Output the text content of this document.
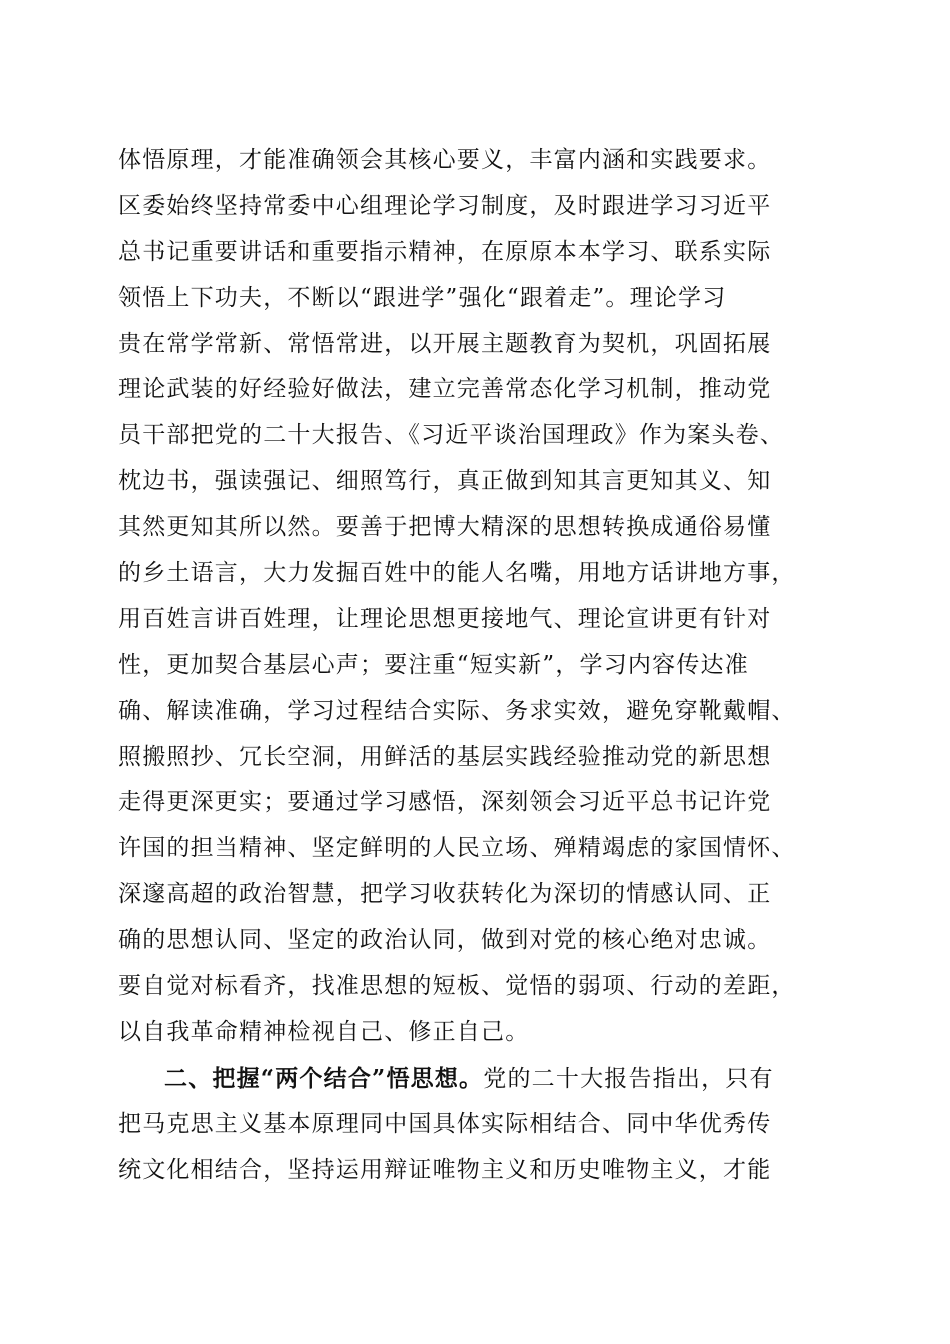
体悟原理，才能准确领会其核心要义，丰富内涵和实践要求。
区委始终坚持常委中心组理论学习制度，及时跟进学习习近平
总书记重要讲话和重要指示精神，在原原本本学习、联系实际
领悟上下功夫，不断以“跟进学”强化“跟着走”。理论学习
贵在常学常新、常悟常进，以开展主题教育为契机，巩固拓展
理论武装的好经验好做法，建立完善常态化学习机制，推动党
员干部把党的二十大报告、《习近平谈治国理政》作为案头卷、
枕边书，强读强记、细照笃行，真正做到知其言更知其义、知
其然更知其所以然。要善于把博大精深的思想转换成通俗易懂
的乡土语言，大力发掘百姓中的能人名嘴，用地方话讲地方事，
用百姓言讲百姓理，让理论思想更接地气、理论宣讲更有针对
性，更加契合基层心声；要注重“短实新”，学习内容传达准
确、解读准确，学习过程结合实际、务求实效，避免穿靴戴帽、
照搬照抄、冗长空洞，用鲜活的基层实践经验推动党的新思想
走得更深更实；要通过学习感悟，深刻领会习近平总书记许党
许国的担当精神、坚定鲜明的人民立场、殚精竭虑的家国情怀、
深邃高超的政治智慧，把学习收获转化为深切的情感认同、正
确的思想认同、坚定的政治认同，做到对党的核心绝对忠诚。
要自觉对标看齐，找准思想的短板、觉悟的弱项、行动的差距，
以自我革命精神检视自己、修正自己。
二、把握“两个结合”悟思想。党的二十大报告指出，只有
把马克思主义基本原理同中国具体实际相结合、同中华优秀传
统文化相结合，坚持运用辩证唯物主义和历史唯物主义，才能
